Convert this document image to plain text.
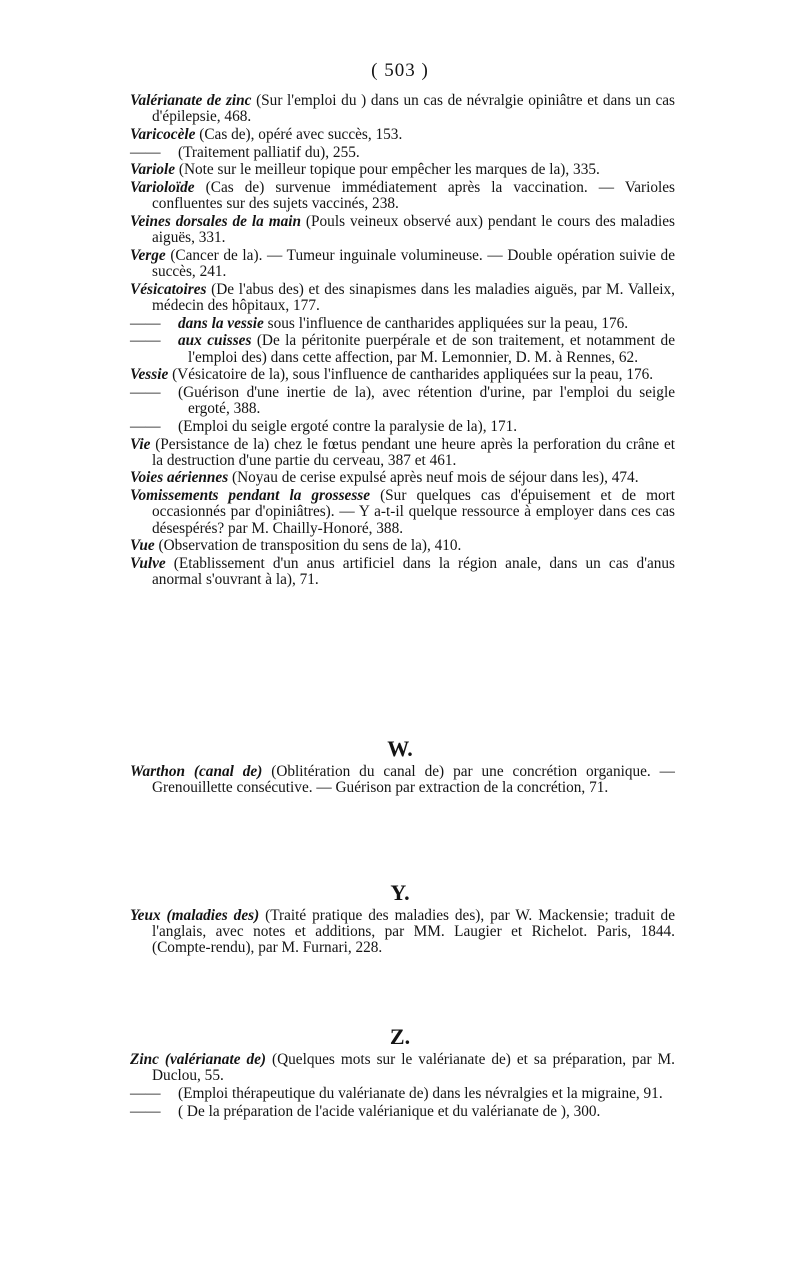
( 503 )
Valérianate de zinc (Sur l'emploi du ) dans un cas de névralgie opiniâtre et dans un cas d'épilepsie, 468.
Varicocèle (Cas de), opéré avec succès, 153.
—— (Traitement palliatif du), 255.
Variole (Note sur le meilleur topique pour empêcher les marques de la), 335.
Varioloïde (Cas de) survenue immédiatement après la vaccination. — Varioles confluentes sur des sujets vaccinés, 238.
Veines dorsales de la main (Pouls veineux observé aux) pendant le cours des maladies aiguës, 331.
Verge (Cancer de la). — Tumeur inguinale volumineuse. — Double opération suivie de succès, 241.
Vésicatoires (De l'abus des) et des sinapismes dans les maladies aiguës, par M. Valleix, médecin des hôpitaux, 177.
—— dans la vessie sous l'influence de cantharides appliquées sur la peau, 176.
—— aux cuisses (De la péritonite puerpérale et de son traitement, et notamment de l'emploi des) dans cette affection, par M. Lemonnier, D. M. à Rennes, 62.
Vessie (Vésicatoire de la), sous l'influence de cantharides appliquées sur la peau, 176.
—— (Guérison d'une inertie de la), avec rétention d'urine, par l'emploi du seigle ergoté, 388.
—— (Emploi du seigle ergoté contre la paralysie de la), 171.
Vie (Persistance de la) chez le fœtus pendant une heure après la perforation du crâne et la destruction d'une partie du cerveau, 387 et 461.
Voies aériennes (Noyau de cerise expulsé après neuf mois de séjour dans les), 474.
Vomissements pendant la grossesse (Sur quelques cas d'épuisement et de mort occasionnés par d'opiniâtres). — Y a-t-il quelque ressource à employer dans ces cas désespérés? par M. Chailly-Honoré, 388.
Vue (Observation de transposition du sens de la), 410.
Vulve (Etablissement d'un anus artificiel dans la région anale, dans un cas d'anus anormal s'ouvrant à la), 71.
W.
Warthon (canal de) (Oblitération du canal de) par une concrétion organique. — Grenouillette consécutive. — Guérison par extraction de la concrétion, 71.
Y.
Yeux (maladies des) (Traité pratique des maladies des), par W. Mackensie; traduit de l'anglais, avec notes et additions, par MM. Laugier et Richelot. Paris, 1844. (Compte-rendu), par M. Furnari, 228.
Z.
Zinc (valérianate de) (Quelques mots sur le valérianate de) et sa préparation, par M. Duclou, 55.
—— (Emploi thérapeutique du valérianate de) dans les névralgies et la migraine, 91.
—— ( De la préparation de l'acide valérianique et du valérianate de ), 300.
